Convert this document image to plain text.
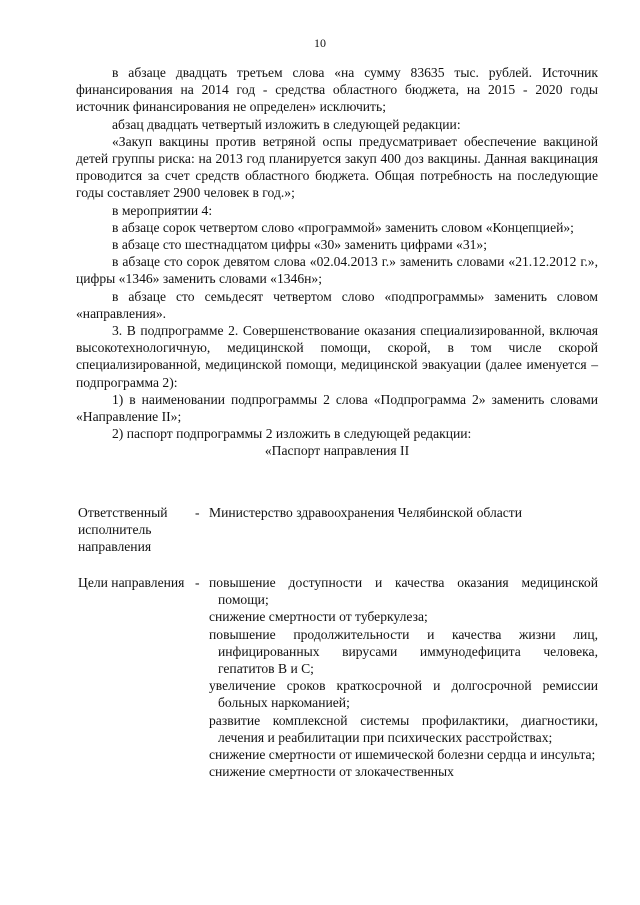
10

в абзаце двадцать третьем слова «на сумму 83635 тыс. рублей. Источник финансирования на 2014 год - средства областного бюджета, на 2015 - 2020 годы источник финансирования не определен» исключить;

абзац двадцать четвертый изложить в следующей редакции:

«Закуп вакцины против ветряной оспы предусматривает обеспечение вакциной детей группы риска: на 2013 год планируется закуп 400 доз вакцины. Данная вакцинация проводится за счет средств областного бюджета. Общая потребность на последующие годы составляет 2900 человек в год.»;

в мероприятии 4:

в абзаце сорок четвертом слово «программой» заменить словом «Концепцией»;

в абзаце сто шестнадцатом цифры «30» заменить цифрами «31»;

в абзаце сто сорок девятом слова «02.04.2013 г.» заменить словами «21.12.2012 г.», цифры «1346» заменить словами «1346н»;

в абзаце сто семьдесят четвертом слово «подпрограммы» заменить словом «направления».

3. В подпрограмме 2. Совершенствование оказания специализированной, включая высокотехнологичную, медицинской помощи, скорой, в том числе скорой специализированной, медицинской помощи, медицинской эвакуации (далее именуется – подпрограмма 2):

1) в наименовании подпрограммы 2 слова «Подпрограмма 2» заменить словами «Направление II»;

2) паспорт подпрограммы 2 изложить в следующей редакции:

«Паспорт направления II

Ответственный исполнитель направления
- Министерство здравоохранения Челябинской области
Цели направления - повышение доступности и качества оказания медицинской помощи;

снижение смертности от туберкулеза;

повышение продолжительности и качества жизни лиц, инфицированных вирусами иммунодефицита человека, гепатитов B и C;

увеличение сроков краткосрочной и долгосрочной ремиссии больных наркоманией;

развитие комплексной системы профилактики, диагностики, лечения и реабилитации при психических расстройствах;

снижение смертности от ишемической болезни сердца и инсульта;

снижение смертности от злокачественных
